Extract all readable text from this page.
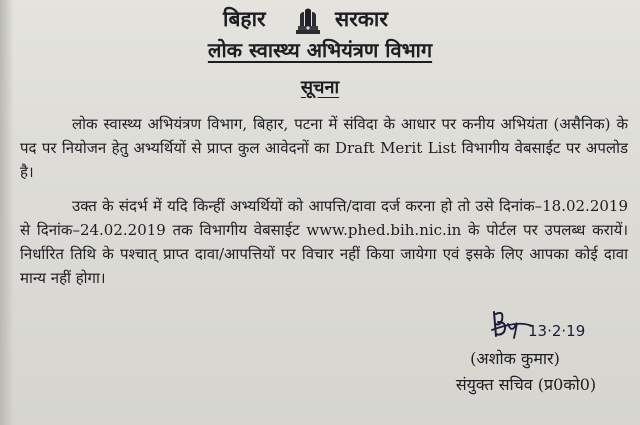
बिहार	सरकार
लोक स्वास्थ्य अभियंत्रण विभाग
सूचना
लोक स्वास्थ्य अभियंत्रण विभाग, बिहार, पटना में संविदा के आधार पर कनीय अभियंता (असैनिक) के पद पर नियोजन हेतु अभ्यर्थियों से प्राप्त कुल आवेदनों का Draft Merit List विभागीय वेबसाईट पर अपलोड है।
उक्त के संदर्भ में यदि किन्हीं अभ्यर्थियों को आपत्ति/दावा दर्ज करना हो तो उसे दिनांक–18.02.2019 से दिनांक–24.02.2019 तक विभागीय वेबसाईट www.phed.bih.nic.in के पोर्टल पर उपलब्ध करायें। निर्धारित तिथि के पश्चात् प्राप्त दावा/आपत्तियों पर विचार नहीं किया जायेगा एवं इसके लिए आपका कोई दावा मान्य नहीं होगा।
13·2·19
(अशोक कुमार)
संयुक्त सचिव (प्र0को0)
